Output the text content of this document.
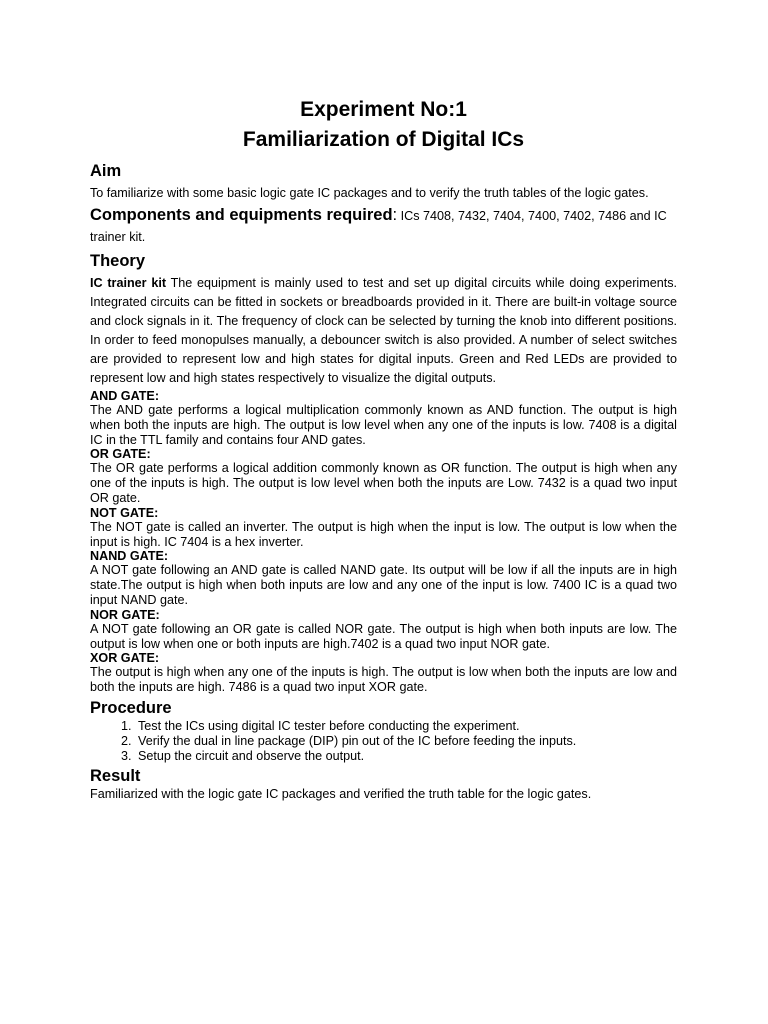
Experiment No:1
Familiarization of Digital ICs
Aim

To familiarize with some basic logic gate IC packages and to verify the truth tables of the logic gates.

Components and equipments required: ICs 7408, 7432, 7404, 7400, 7402, 7486 and IC trainer kit.

Theory

IC trainer kit The equipment is mainly used to test and set up digital circuits while doing experiments. Integrated circuits can be fitted in sockets or breadboards provided in it. There are built-in voltage source and clock signals in it. The frequency of clock can be selected by turning the knob into different positions. In order to feed monopulses manually, a debouncer switch is also provided. A number of select switches are provided to represent low and high states for digital inputs. Green and Red LEDs are provided to represent low and high states respectively to visualize the digital outputs.

AND GATE:

The AND gate performs a logical multiplication commonly known as AND function. The output is high when both the inputs are high. The output is low level when any one of the inputs is low. 7408 is a digital IC in the TTL family and contains four AND gates.

OR GATE:

The OR gate performs a logical addition commonly known as OR function. The output is high when any one of the inputs is high. The output is low level when both the inputs are Low. 7432 is a quad two input OR gate.

NOT GATE:

The NOT gate is called an inverter. The output is high when the input is low. The output is low when the input is high. IC 7404 is a hex inverter.

NAND GATE:

A NOT gate following an AND gate is called NAND gate. Its output will be low if all the inputs are in high state.The output is high when both inputs are low and any one of the input is low. 7400 IC is a quad two input NAND gate.

NOR GATE:

A NOT gate following an OR gate is called NOR gate. The output is high when both inputs are low. The output is low when one or both inputs are high.7402 is a quad two input NOR gate.

XOR GATE:

The output is high when any one of the inputs is high. The output is low when both the inputs are low and both the inputs are high. 7486 is a quad two input XOR gate.

Procedure
1. Test the ICs using digital IC tester before conducting the experiment.
2. Verify the dual in line package (DIP) pin out of the IC before feeding the inputs.
3. Setup the circuit and observe the output.
Result

Familiarized with the logic gate IC packages and verified the truth table for the logic gates.
